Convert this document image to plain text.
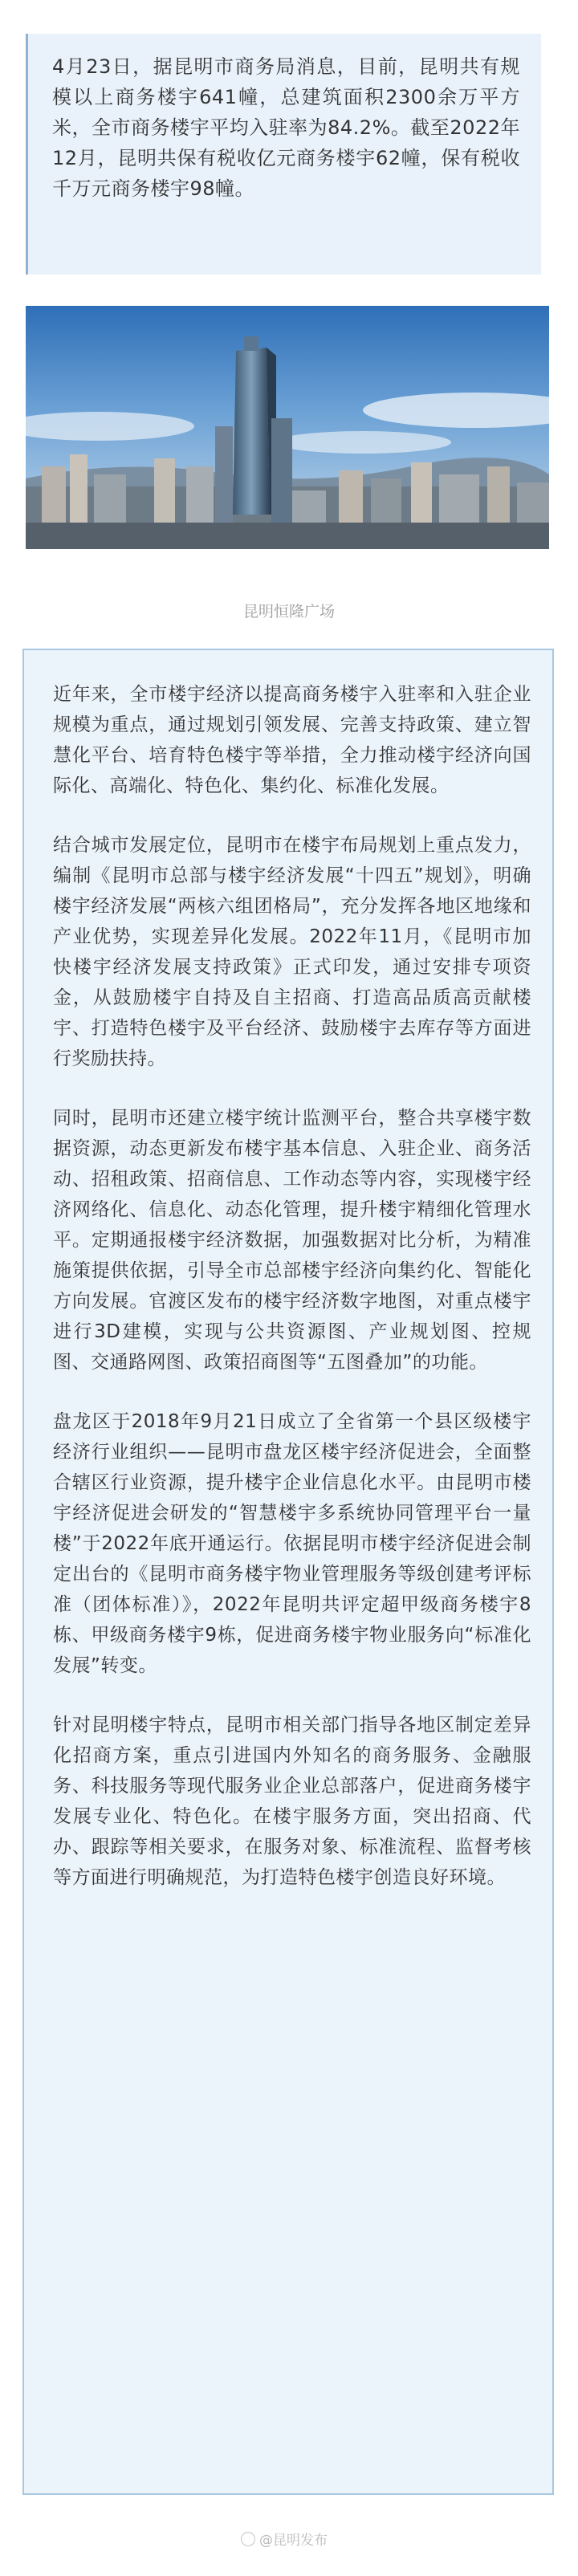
4月23日，据昆明市商务局消息，目前，昆明共有规模以上商务楼宇641幢，总建筑面积2300余万平方米，全市商务楼宇平均入驻率为84.2%。截至2022年12月，昆明共保有税收亿元商务楼宇62幢，保有税收千万元商务楼宇98幢。

昆明恒隆广场

近年来，全市楼宇经济以提高商务楼宇入驻率和入驻企业规模为重点，通过规划引领发展、完善支持政策、建立智慧化平台、培育特色楼宇等举措，全力推动楼宇经济向国际化、高端化、特色化、集约化、标准化发展。

结合城市发展定位，昆明市在楼宇布局规划上重点发力，编制《昆明市总部与楼宇经济发展“十四五”规划》，明确楼宇经济发展“两核六组团格局”，充分发挥各地区地缘和产业优势，实现差异化发展。2022年11月，《昆明市加快楼宇经济发展支持政策》正式印发，通过安排专项资金，从鼓励楼宇自持及自主招商、打造高品质高贡献楼宇、打造特色楼宇及平台经济、鼓励楼宇去库存等方面进行奖励扶持。

同时，昆明市还建立楼宇统计监测平台，整合共享楼宇数据资源，动态更新发布楼宇基本信息、入驻企业、商务活动、招租政策、招商信息、工作动态等内容，实现楼宇经济网络化、信息化、动态化管理，提升楼宇精细化管理水平。定期通报楼宇经济数据，加强数据对比分析，为精准施策提供依据，引导全市总部楼宇经济向集约化、智能化方向发展。官渡区发布的楼宇经济数字地图，对重点楼宇进行3D建模，实现与公共资源图、产业规划图、控规图、交通路网图、政策招商图等“五图叠加”的功能。

盘龙区于2018年9月21日成立了全省第一个县区级楼宇经济行业组织——昆明市盘龙区楼宇经济促进会，全面整合辖区行业资源，提升楼宇企业信息化水平。由昆明市楼宇经济促进会研发的“智慧楼宇多系统协同管理平台一量楼”于2022年底开通运行。依据昆明市楼宇经济促进会制定出台的《昆明市商务楼宇物业管理服务等级创建考评标准（团体标准）》，2022年昆明共评定超甲级商务楼宇8栋、甲级商务楼宇9栋，促进商务楼宇物业服务向“标准化发展”转变。

针对昆明楼宇特点，昆明市相关部门指导各地区制定差异化招商方案，重点引进国内外知名的商务服务、金融服务、科技服务等现代服务业企业总部落户，促进商务楼宇发展专业化、特色化。在楼宇服务方面，突出招商、代办、跟踪等相关要求，在服务对象、标准流程、监督考核等方面进行明确规范，为打造特色楼宇创造良好环境。

@昆明发布
